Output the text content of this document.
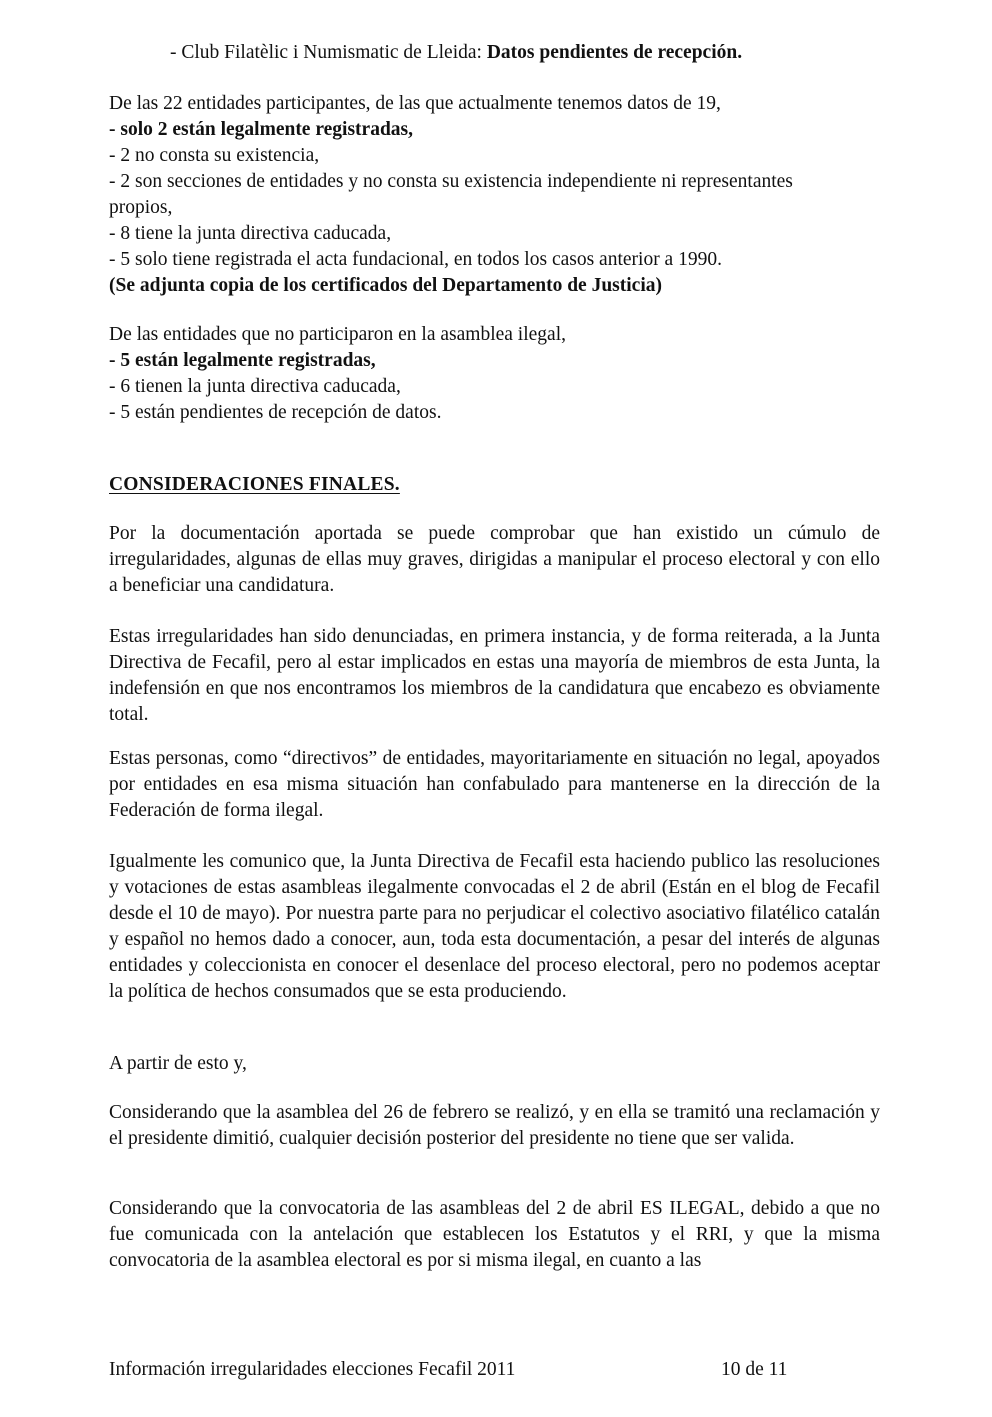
- Club Filatèlic i Numismatic de Lleida: Datos pendientes de recepción.
De las 22 entidades participantes, de las que actualmente tenemos datos de 19,
- solo 2 están legalmente registradas,
- 2 no consta su existencia,
- 2 son secciones de entidades y no consta su existencia independiente ni representantes
propios,
- 8 tiene la junta directiva caducada,
- 5 solo tiene registrada el acta fundacional, en todos los casos anterior a 1990.
(Se adjunta copia de los certificados del Departamento de Justicia)
De las entidades que no participaron en la asamblea ilegal,
- 5 están legalmente registradas,
- 6 tienen la junta directiva caducada,
- 5 están pendientes de recepción de datos.
CONSIDERACIONES FINALES.
Por la documentación aportada se puede comprobar que han existido un cúmulo de irregularidades, algunas de ellas muy graves, dirigidas a manipular el proceso electoral y con ello a beneficiar una candidatura.
Estas irregularidades han sido denunciadas, en primera instancia, y de forma reiterada, a la Junta Directiva de Fecafil, pero al estar implicados en estas una mayoría de miembros de esta Junta, la indefensión en que nos encontramos los miembros de la candidatura que encabezo es obviamente total.
Estas personas, como “directivos” de entidades, mayoritariamente en situación no legal, apoyados por entidades en esa misma situación han confabulado para mantenerse en la dirección de la Federación de forma ilegal.
Igualmente les comunico que, la Junta Directiva de Fecafil esta haciendo publico las resoluciones y votaciones de estas asambleas ilegalmente convocadas el 2 de abril (Están en el blog de Fecafil desde el 10 de mayo). Por nuestra parte para no perjudicar el colectivo asociativo filatélico catalán y español no hemos dado a conocer, aun, toda esta documentación, a pesar del interés de algunas entidades y coleccionista en conocer el desenlace del proceso electoral, pero no podemos aceptar la política de hechos consumados que se esta produciendo.
A partir de esto y,
Considerando que la asamblea del 26 de febrero se realizó, y en ella se tramitó una reclamación y el presidente dimitió, cualquier decisión posterior del presidente no tiene que ser valida.
Considerando que la convocatoria de las asambleas del 2 de abril ES ILEGAL, debido a que no fue comunicada con la antelación que establecen los Estatutos y el RRI, y que la misma convocatoria de la asamblea electoral es por si misma ilegal, en cuanto a las
Información irregularidades elecciones Fecafil 2011	10 de 11
